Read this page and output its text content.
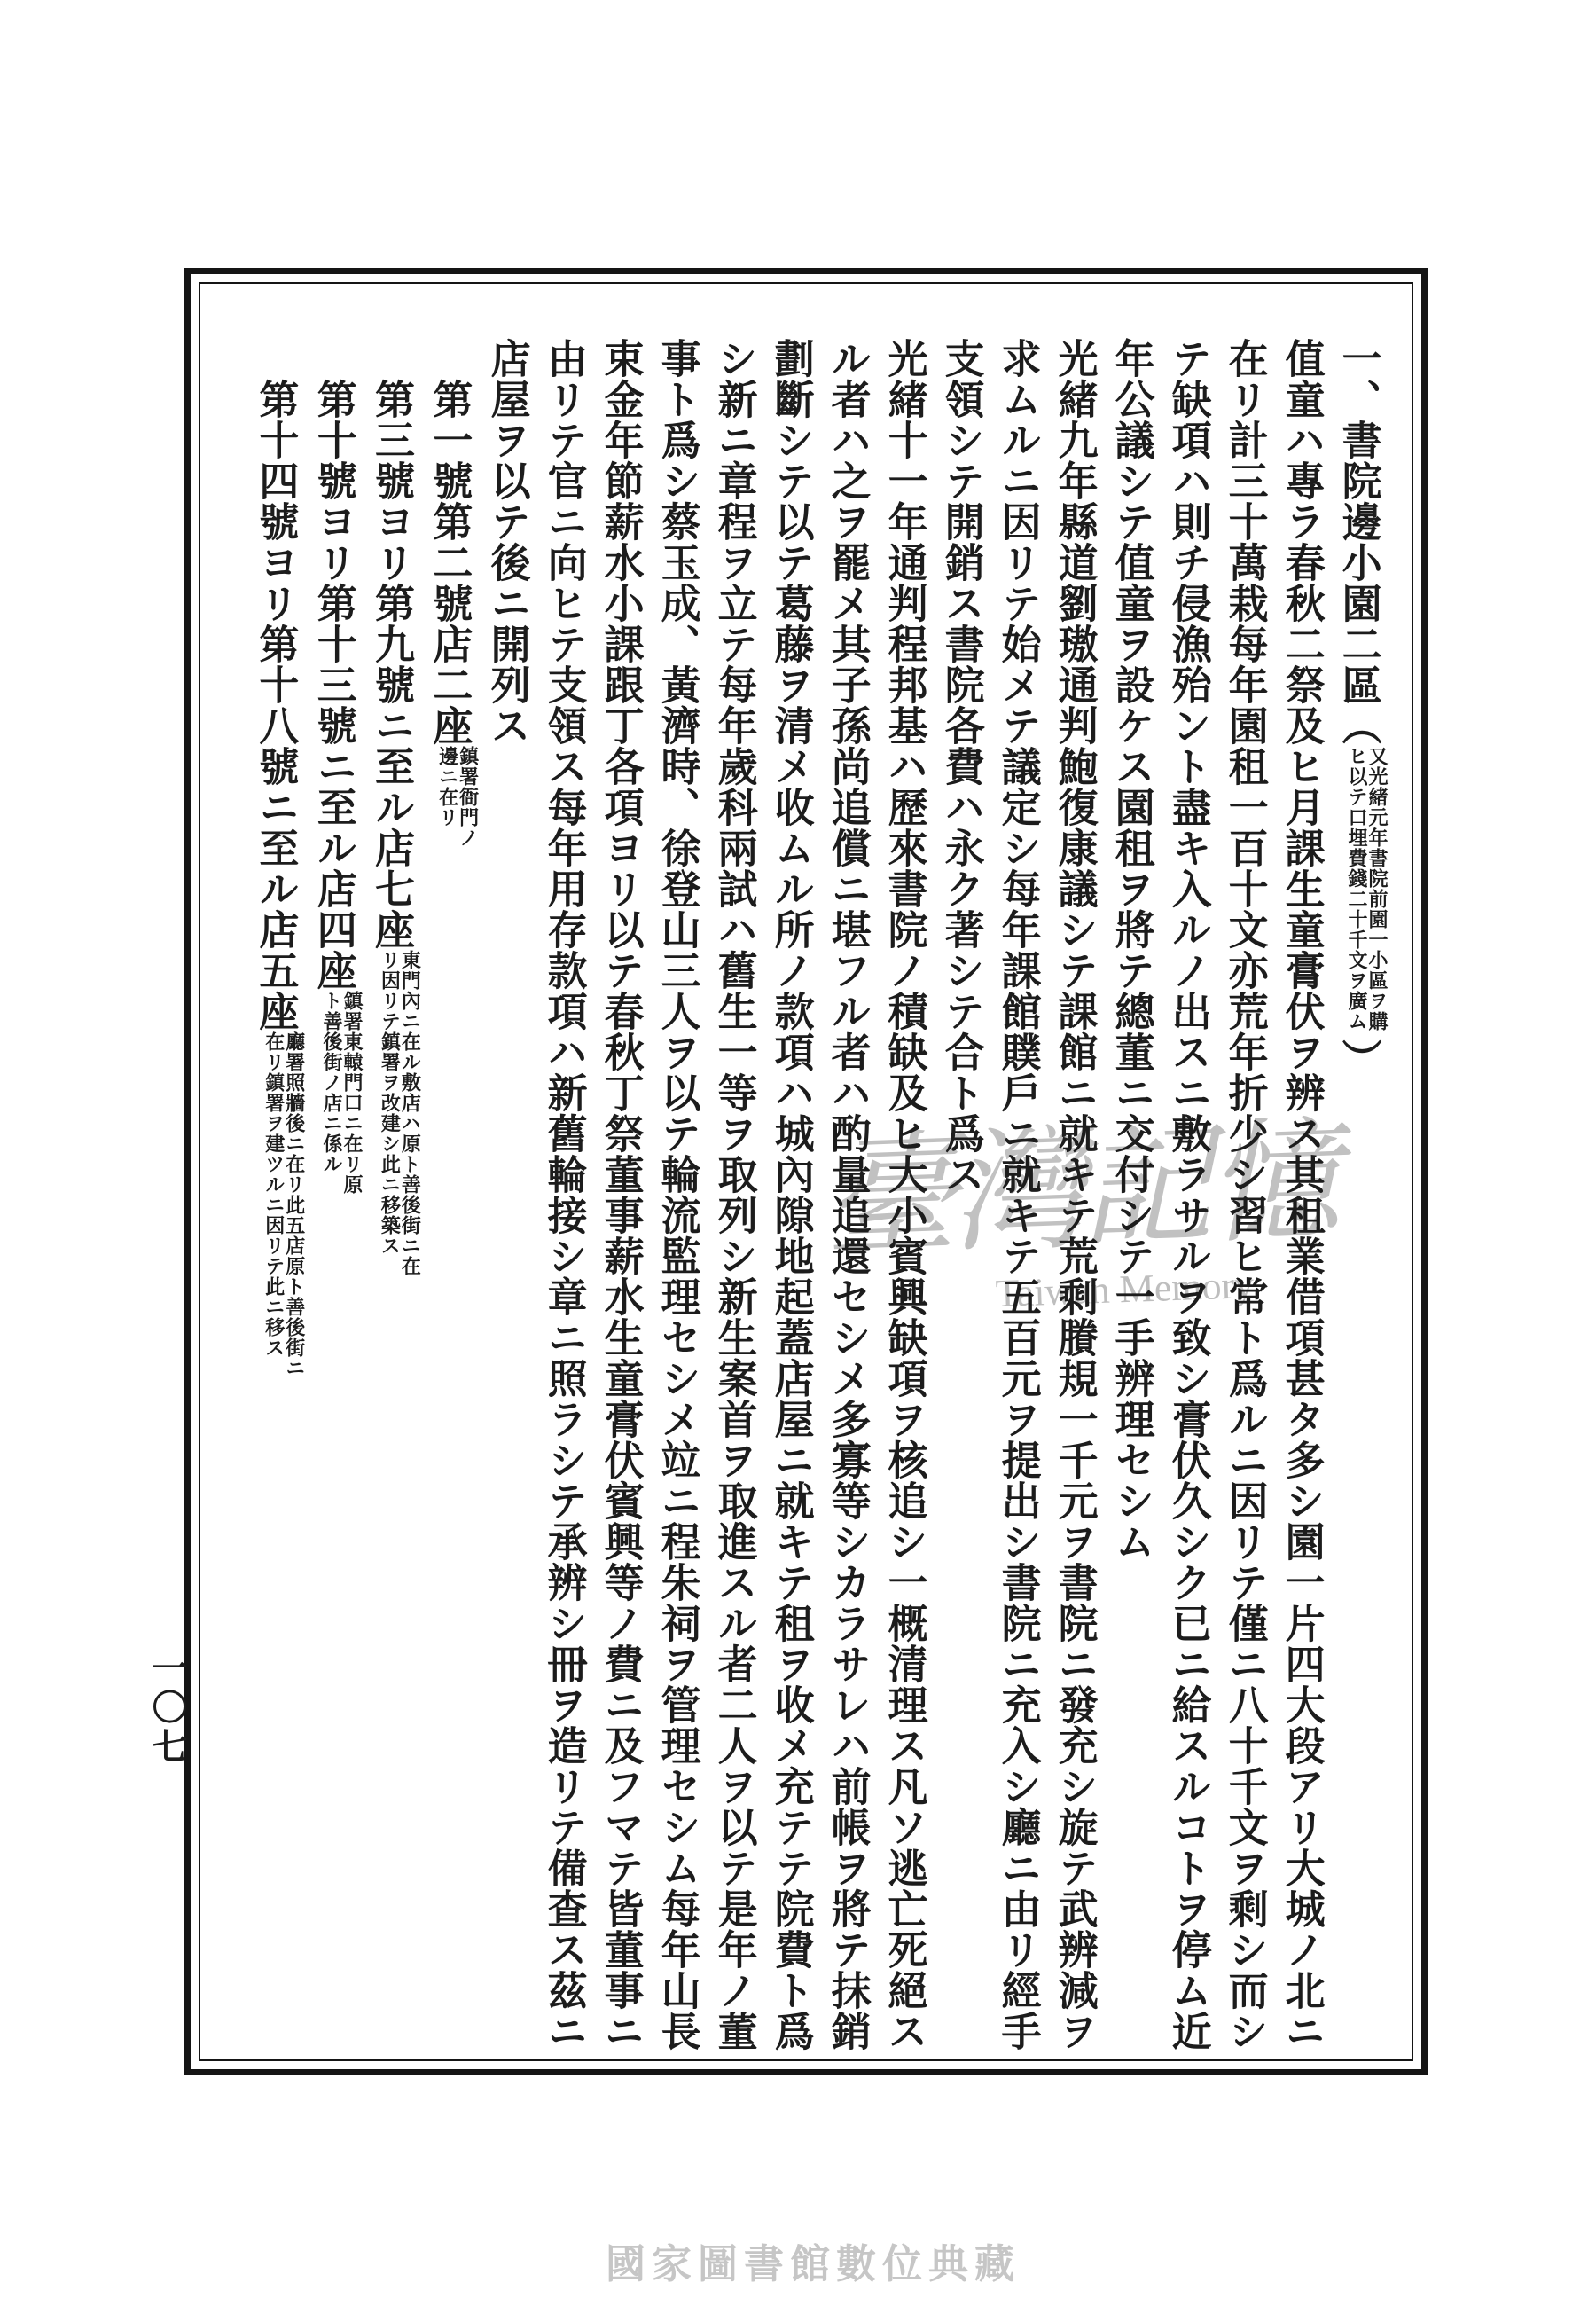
臺灣記憶
Taiwan Memory
一、書院邊小園二區（又光緒元年書院前園一小區ヲ購ヒ以テ口埋費錢二十千文ヲ廣ム）
值童ハ專ラ春秋二祭及ヒ月課生童膏伏ヲ辨ス其租業借項甚タ多シ園一片四大段アリ大城ノ北ニ在リ計三十萬栽每年園租一百十文亦荒年折少シ習ヒ常ト爲ルニ因リテ僅ニ八十千文ヲ剩シ而シテ缺項ハ則チ侵漁殆ント盡キ入ルノ出スニ敷ラサルヲ致シ膏伏久シク已ニ給スルコトヲ停ム近年公議シテ值童ヲ設ケス園租ヲ將テ總董ニ交付シテ一手辨理セシム
光緒九年縣道劉璈通判鮑復康議シテ課館ニ就キテ荒剩賸規一千元ヲ書院ニ發充シ旋テ武辨減ヲ求ムルニ因リテ始メテ議定シ每年課館贌戶ニ就キテ五百元ヲ提出シ書院ニ充入シ廳ニ由リ經手支領シテ開銷ス書院各費ハ永ク著シテ合ト爲ス
光緒十一年通判程邦基ハ歷來書院ノ積缺及ヒ大小賓興缺項ヲ核追シ一概清理ス凡ソ逃亡死絕スル者ハ之ヲ罷メ其子孫尚追償ニ堪フル者ハ酌量追還セシメ多寡等シカラサレハ前帳ヲ將テ抹銷劃斷シテ以テ葛藤ヲ清メ收ムル所ノ款項ハ城內隙地起蓋店屋ニ就キテ租ヲ收メ充テテ院費ト爲シ新ニ章程ヲ立テ每年歲科兩試ハ舊生一等ヲ取列シ新生案首ヲ取進スル者二人ヲ以テ是年ノ董事ト爲シ蔡玉成、黃濟時、徐登山三人ヲ以テ輪流監理セシメ竝ニ程朱祠ヲ管理セシム每年山長束金年節薪水小課跟丁各項ヨリ以テ春秋丁祭董事薪水生童膏伏賓興等ノ費ニ及フマテ皆董事ニ由リテ官ニ向ヒテ支領ス每年用存款項ハ新舊輪接シ章ニ照ラシテ承辨シ冊ヲ造リテ備查ス茲ニ店屋ヲ以テ後ニ開列ス
第一號第二號店二座鎮署衙門ノ邊ニ在リ
第三號ヨリ第九號ニ至ル店七座東門內ニ在ル敷店ハ原ト善後街ニ在リ因リテ鎮署ヲ改建シ此ニ移築ス
第十號ヨリ第十三號ニ至ル店四座鎮署東轅門口ニ在リ原ト善後街ノ店ニ係ル
第十四號ヨリ第十八號ニ至ル店五座廳署照牆後ニ在リ此五店原ト善後街ニ在リ鎮署ヲ建ツルニ因リテ此ニ移ス
一〇七
國家圖書館數位典藏
